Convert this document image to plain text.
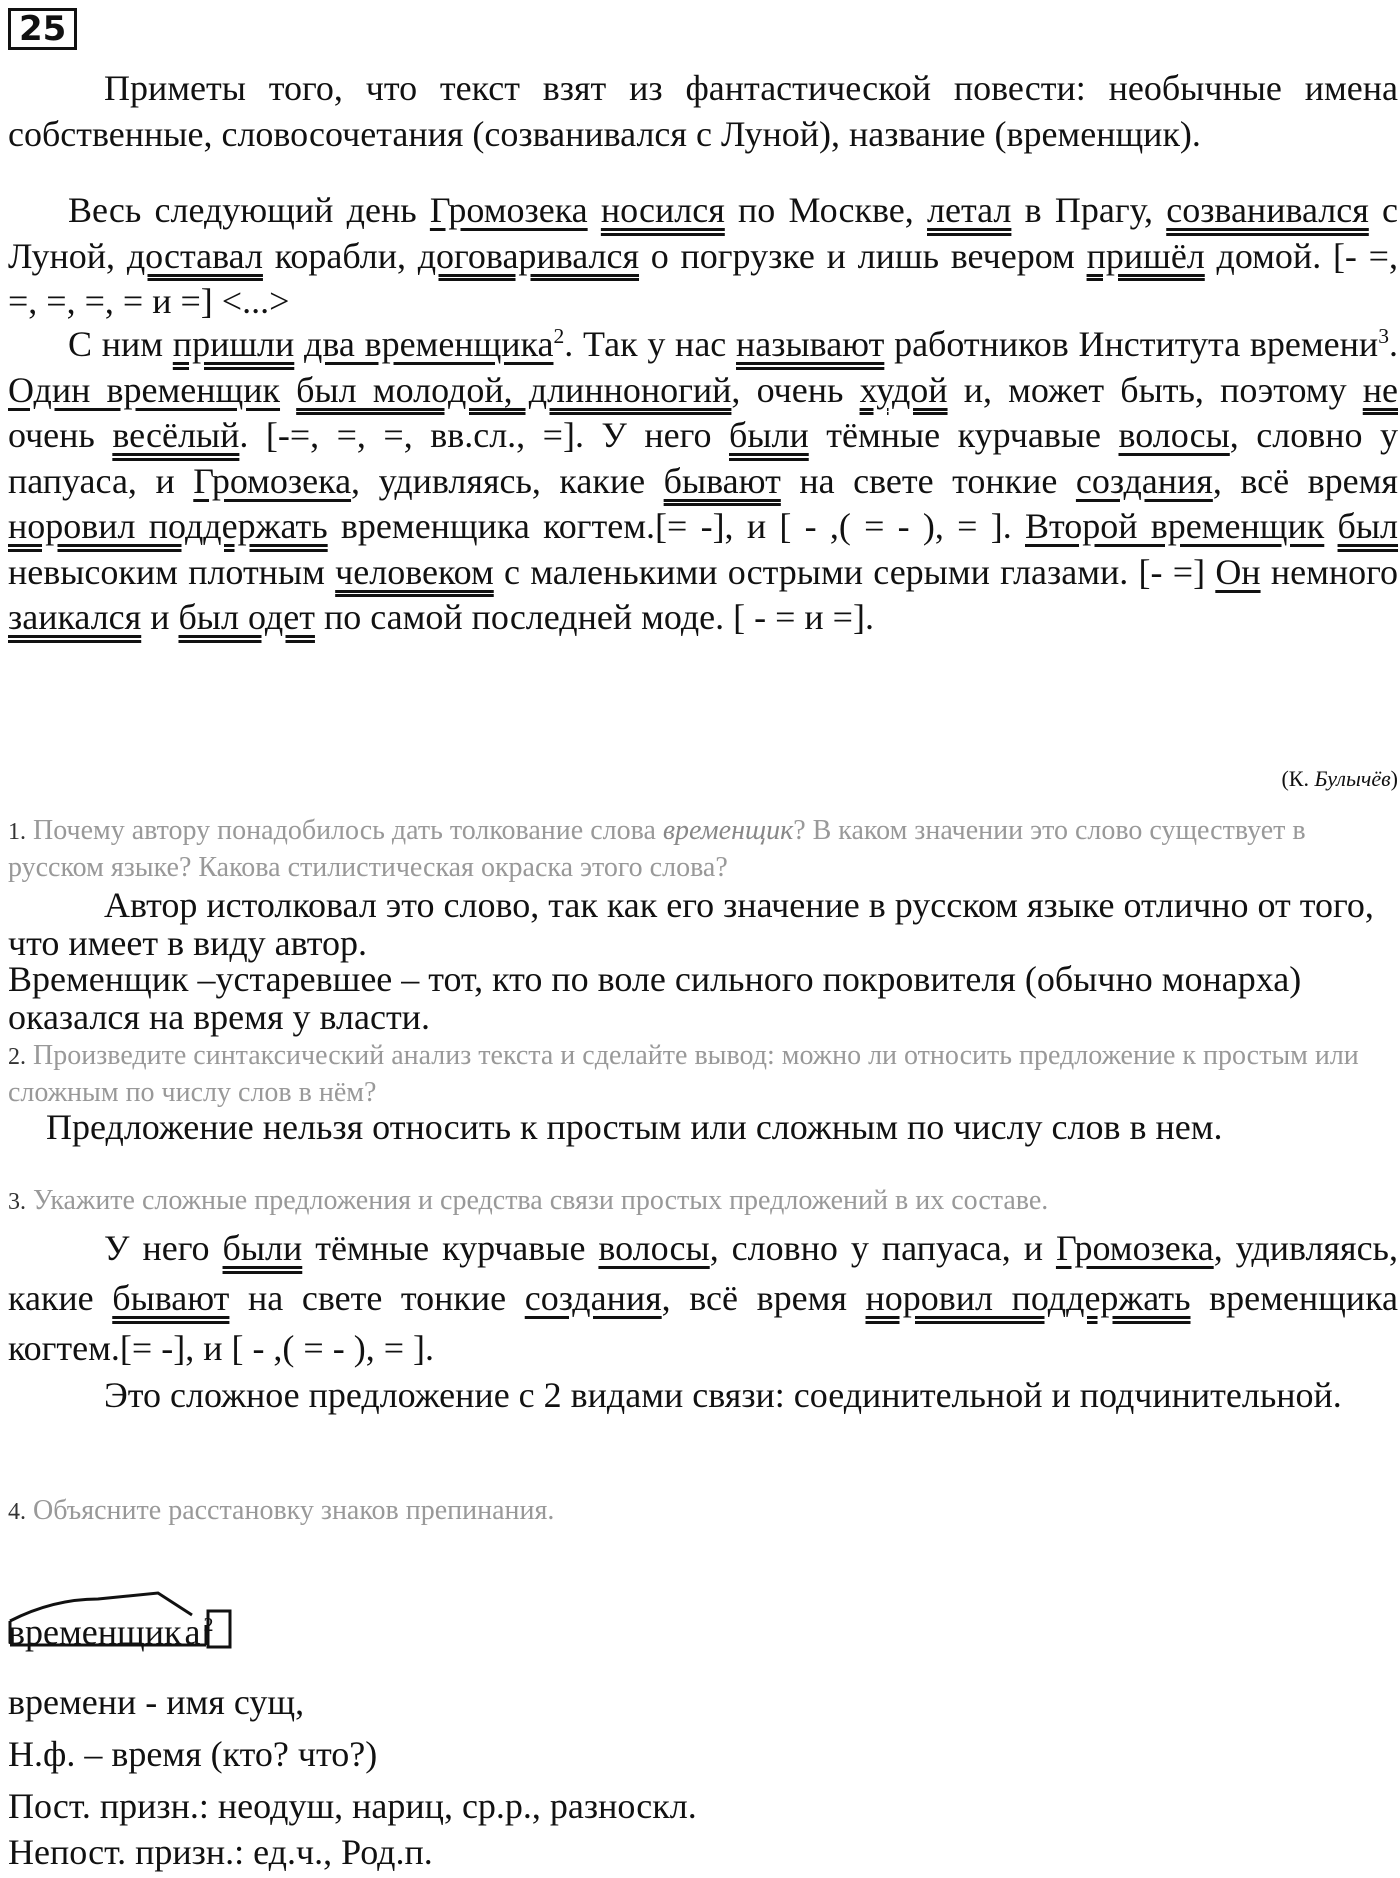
25
Приметы того, что текст взят из фантастической повести: необычные имена собственные, словосочетания (созванивался с Луной), название (временщик).
Весь следующий день Громозека носился по Москве, летал в Прагу, созванивался с Луной, доставал корабли, договаривался о погрузке и лишь вечером пришёл домой. [- =, =, =, =, = и =] <...>
С ним пришли два временщика$^2$. Так у нас называют работников Института времени$^3$. Один временщик был молодой, длинноногий, очень худой и, может быть, поэтому не очень весёлый. [-=, =, =, вв.сл., =]. У него были тёмные курчавые волосы, словно у папуаса, и Громозека, удивляясь, какие бывают на свете тонкие создания, всё время норовил поддержать временщика когтем.[= -], и [ - ,( = - ), = ]. Второй временщик был невысоким плотным человеком с маленькими острыми серыми глазами. [- =] Он немного заикался и был одет по самой последней моде. [ - = и =].
(К. Булычёв)
1. Почему автору понадобилось дать толкование слова временщик? В каком значении это слово существует в русском языке? Какова стилистическая окраска этого слова?
Автор истолковал это слово, так как его значение в русском языке отлично от того, что имеет в виду автор.
Временщик –устаревшее – тот, кто по воле сильного покровителя (обычно монарха) оказался на время у власти.
2. Произведите синтаксический анализ текста и сделайте вывод: можно ли относить предложение к простым или сложным по числу слов в нём?
Предложение нельзя относить к простым или сложным по числу слов в нем.
3. Укажите сложные предложения и средства связи простых предложений в их составе.
У него были тёмные курчавые волосы, словно у папуаса, и Громозека, удивляясь, какие бывают на свете тонкие создания, всё время норовил поддержать временщика когтем.[= -], и [ - ,( = - ), = ].
Это сложное предложение с 2 видами связи: соединительной и подчинительной.
4. Объясните расстановку знаков препинания.
временщика $^2$
времени - имя сущ,
Н.ф. – время (кто? что?)
Пост. призн.: неодуш, нариц, ср.р., разноскл.
Непост. призн.: ед.ч., Род.п.
